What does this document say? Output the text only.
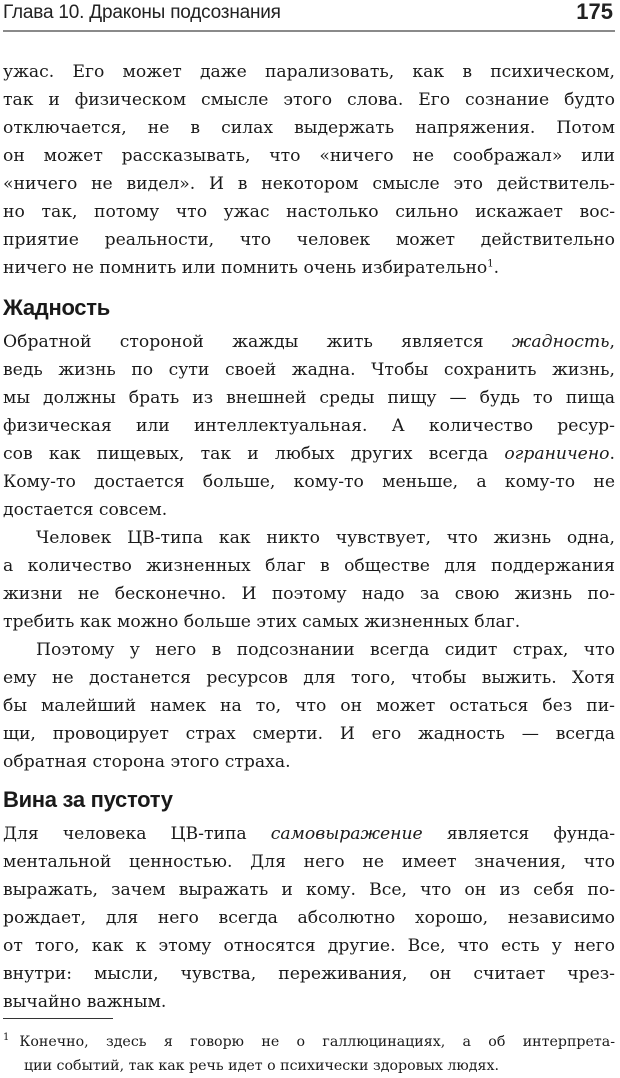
Глава 10. Драконы подсознания	175
ужас. Его может даже парализовать, как в психическом,
так и физическом смысле этого слова. Его сознание будто
отключается, не в силах выдержать напряжения. Потом
он может рассказывать, что «ничего не соображал» или
«ничего не видел». И в некотором смысле это действитель-
но так, потому что ужас настолько сильно искажает вос-
приятие реальности, что человек может действительно
ничего не помнить или помнить очень избирательно$^1$.
Жадность
Обратной стороной жажды жить является жадность,
ведь жизнь по сути своей жадна. Чтобы сохранить жизнь,
мы должны брать из внешней среды пищу — будь то пища
физическая или интеллектуальная. А количество ресур-
сов как пищевых, так и любых других всегда ограничено.
Кому-то достается больше, кому-то меньше, а кому-то не
достается совсем.
Человек ЦВ-типа как никто чувствует, что жизнь одна,
а количество жизненных благ в обществе для поддержания
жизни не бесконечно. И поэтому надо за свою жизнь по-
требить как можно больше этих самых жизненных благ.
Поэтому у него в подсознании всегда сидит страх, что
ему не достанется ресурсов для того, чтобы выжить. Хотя
бы малейший намек на то, что он может остаться без пи-
щи, провоцирует страх смерти. И его жадность — всегда
обратная сторона этого страха.
Вина за пустоту
Для человека ЦВ-типа самовыражение является фунда-
ментальной ценностью. Для него не имеет значения, что
выражать, зачем выражать и кому. Все, что он из себя по-
рождает, для него всегда абсолютно хорошо, независимо
от того, как к этому относятся другие. Все, что есть у него
внутри: мысли, чувства, переживания, он считает чрез-
вычайно важным.
$^1$ Конечно, здесь я говорю не о галлюцинациях, а об интерпрета-
ции событий, так как речь идет о психически здоровых людях.
